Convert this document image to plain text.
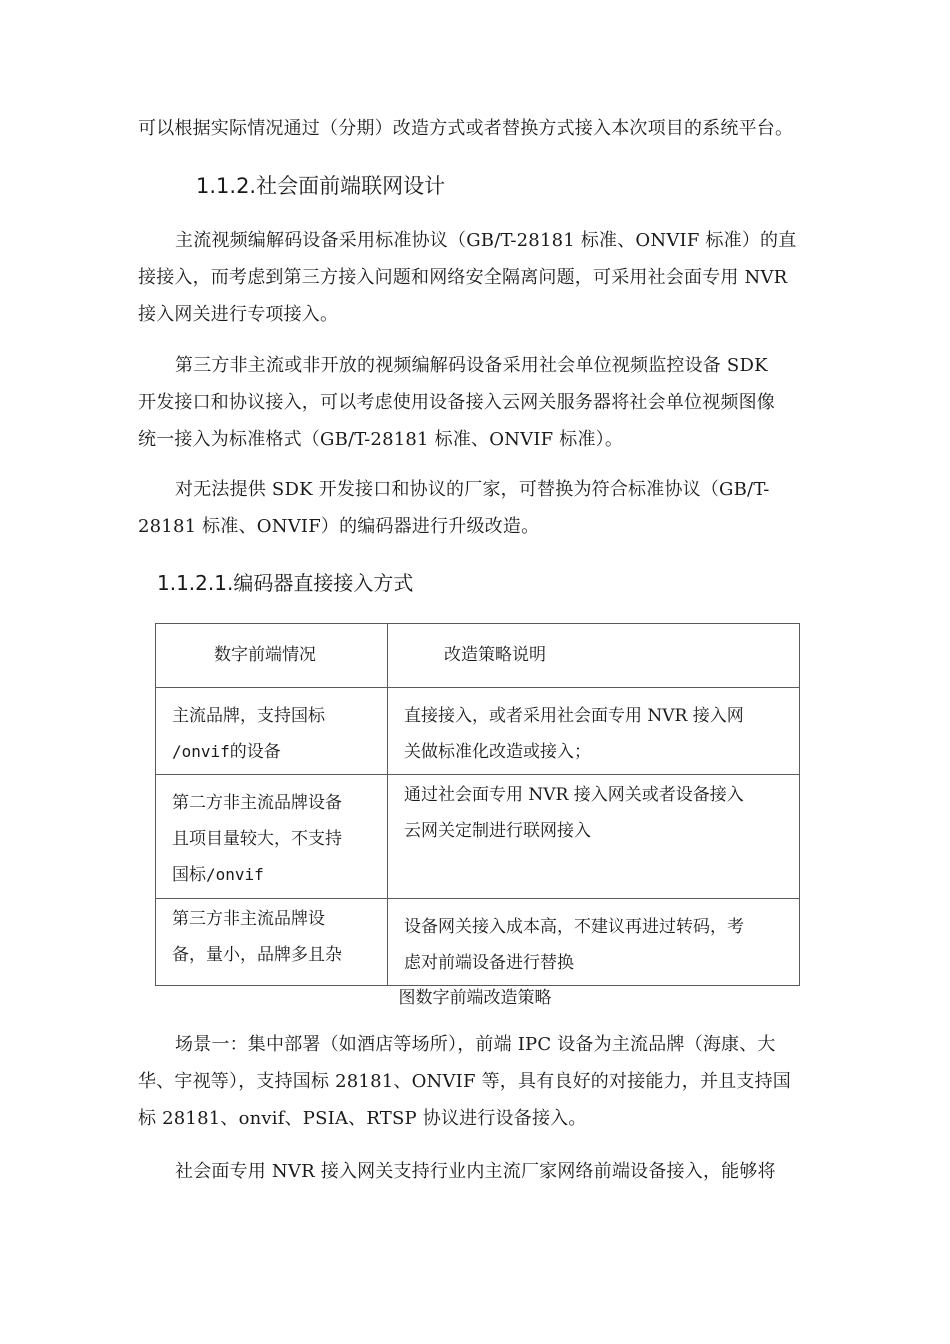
可以根据实际情况通过（分期）改造方式或者替换方式接入本次项目的系统平台。
1.1.2.社会面前端联网设计
主流视频编解码设备采用标准协议（GB/T-28181 标准、ONVIF 标准）的直
接接入，而考虑到第三方接入问题和网络安全隔离问题，可采用社会面专用 NVR
接入网关进行专项接入。
第三方非主流或非开放的视频编解码设备采用社会单位视频监控设备 SDK
开发接口和协议接入，可以考虑使用设备接入云网关服务器将社会单位视频图像
统一接入为标准格式（GB/T-28181 标准、ONVIF 标准）。
对无法提供 SDK 开发接口和协议的厂家，可替换为符合标准协议（GB/T-
28181 标准、ONVIF）的编码器进行升级改造。
1.1.2.1.编码器直接接入方式
数字前端情况	改造策略说明

主流品牌，支持国标
/onvif的设备	直接接入，或者采用社会面专用 NVR 接入网
关做标准化改造或接入；

第二方非主流品牌设备
且项目量较大，不支持
国标/onvif	通过社会面专用 NVR 接入网关或者设备接入
云网关定制进行联网接入

第三方非主流品牌设
备，量小，品牌多且杂	设备网关接入成本高，不建议再进过转码，考
虑对前端设备进行替换
图数字前端改造策略
场景一：集中部署（如酒店等场所），前端 IPC 设备为主流品牌（海康、大
华、宇视等），支持国标 28181、ONVIF 等，具有良好的对接能力，并且支持国
标 28181、onvif、PSIA、RTSP 协议进行设备接入。
社会面专用 NVR 接入网关支持行业内主流厂家网络前端设备接入，能够将
